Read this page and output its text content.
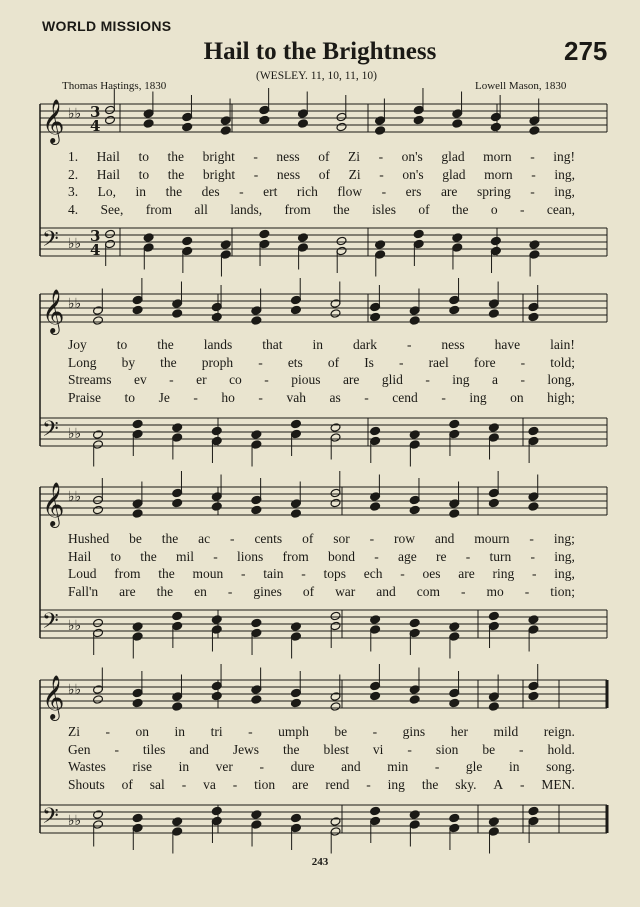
WORLD MISSIONS
Hail to the Brightness	275
(WESLEY. 11, 10, 11, 10)
Thomas Hastings, 1830	Lowell Mason, 1830
𝄞 ♭♭ 3
4
𝄢 ♭♭ 3
4
𝄞 ♭♭
𝄢 ♭♭
𝄞 ♭♭
𝄢 ♭♭
𝄞 ♭♭
𝄢 ♭♭
1. Hail to the bright - ness of Zi - on's glad morn - ing!
2. Hail to the bright - ness of Zi - on's glad morn - ing,
3. Lo, in the des - ert rich flow - ers are spring - ing,
4. See, from all lands, from the isles of the o - cean,
Joy to the lands that in dark - ness have lain!
Long by the proph - ets of Is - rael fore - told;
Streams ev - er co - pious are glid - ing a - long,
Praise to Je - ho - vah as - cend - ing on high;
Hushed be the ac - cents of sor - row and mourn - ing;
Hail to the mil - lions from bond - age re - turn - ing,
Loud from the moun - tain - tops ech - oes are ring - ing,
Fall'n are the en - gines of war and com - mo - tion;
Zi - on in tri - umph be - gins her mild reign.
Gen - tiles and Jews the blest vi - sion be - hold.
Wastes rise in ver - dure and min - gle in song.
Shouts of sal - va - tion are rend - ing the sky. A - MEN.
243
